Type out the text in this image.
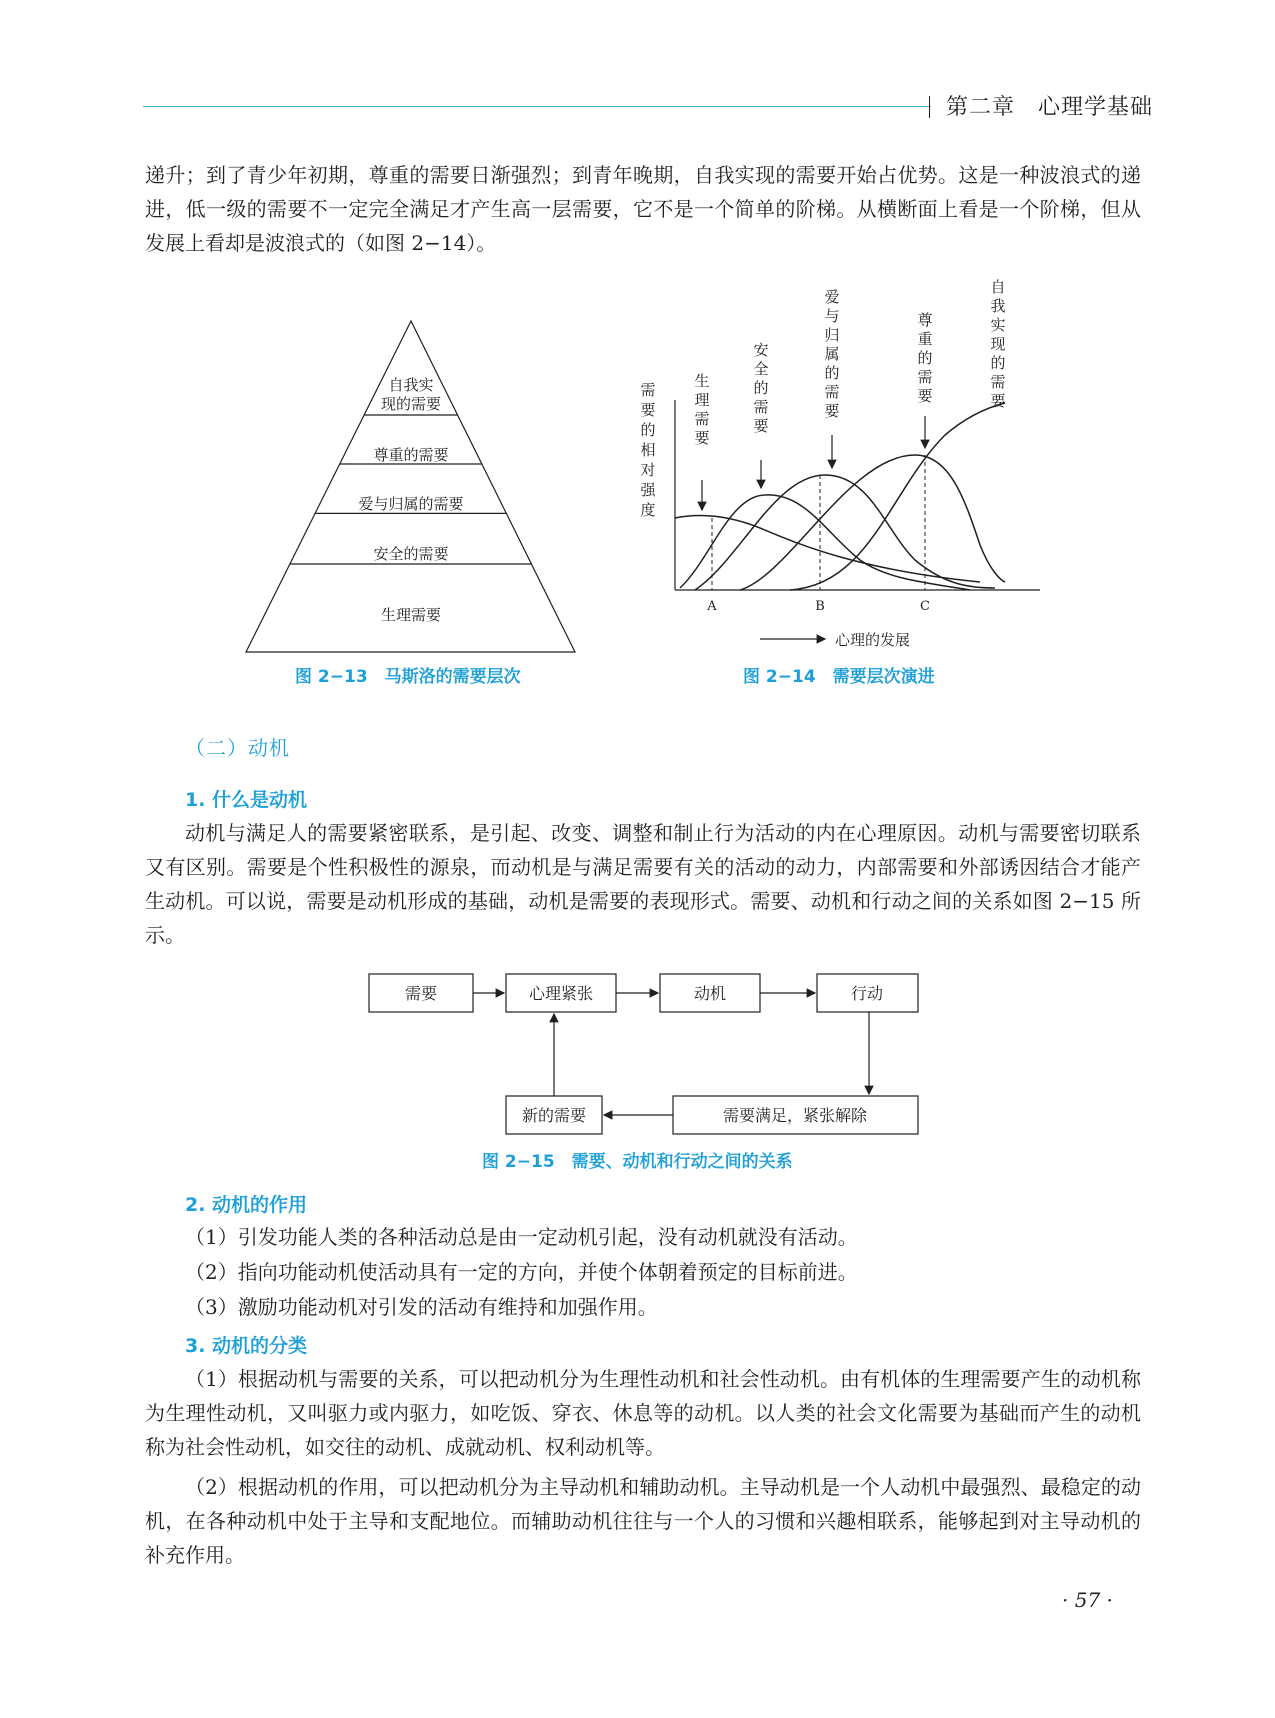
第二章　心理学基础

递升；到了青少年初期，尊重的需要日渐强烈；到青年晚期，自我实现的需要开始占优势。这是一种波浪式的递进，低一级的需要不一定完全满足才产生高一层需要，它不是一个简单的阶梯。从横断面上看是一个阶梯，但从发展上看却是波浪式的（如图 2−14）。

自我实
现的需要
尊重的需要
爱与归属的需要
安全的需要
生理需要
图 2−13　马斯洛的需要层次
需
要
的
相
对
强
度
A	B	C
心理的发展
生
理
需
要
安
全
的
需
要
爱
与
归
属
的
需
要
尊
重
的
需
要
自
我
实
现
的
需
要
图 2−14　需要层次演进
（二）动机
1. 什么是动机

动机与满足人的需要紧密联系，是引起、改变、调整和制止行为活动的内在心理原因。动机与需要密切联系又有区别。需要是个性积极性的源泉，而动机是与满足需要有关的活动的动力，内部需要和外部诱因结合才能产生动机。可以说，需要是动机形成的基础，动机是需要的表现形式。需要、动机和行动之间的关系如图 2−15 所示。

需要	心理紧张	动机	行动
新的需要	需要满足，紧张解除
图 2−15　需要、动机和行动之间的关系
2. 动机的作用
（1）引发功能人类的各种活动总是由一定动机引起，没有动机就没有活动。
（2）指向功能动机使活动具有一定的方向，并使个体朝着预定的目标前进。
（3）激励功能动机对引发的活动有维持和加强作用。
3. 动机的分类

（1）根据动机与需要的关系，可以把动机分为生理性动机和社会性动机。由有机体的生理需要产生的动机称为生理性动机，又叫驱力或内驱力，如吃饭、穿衣、休息等的动机。以人类的社会文化需要为基础而产生的动机称为社会性动机，如交往的动机、成就动机、权利动机等。

（2）根据动机的作用，可以把动机分为主导动机和辅助动机。主导动机是一个人动机中最强烈、最稳定的动机，在各种动机中处于主导和支配地位。而辅助动机往往与一个人的习惯和兴趣相联系，能够起到对主导动机的补充作用。

· 57 ·
